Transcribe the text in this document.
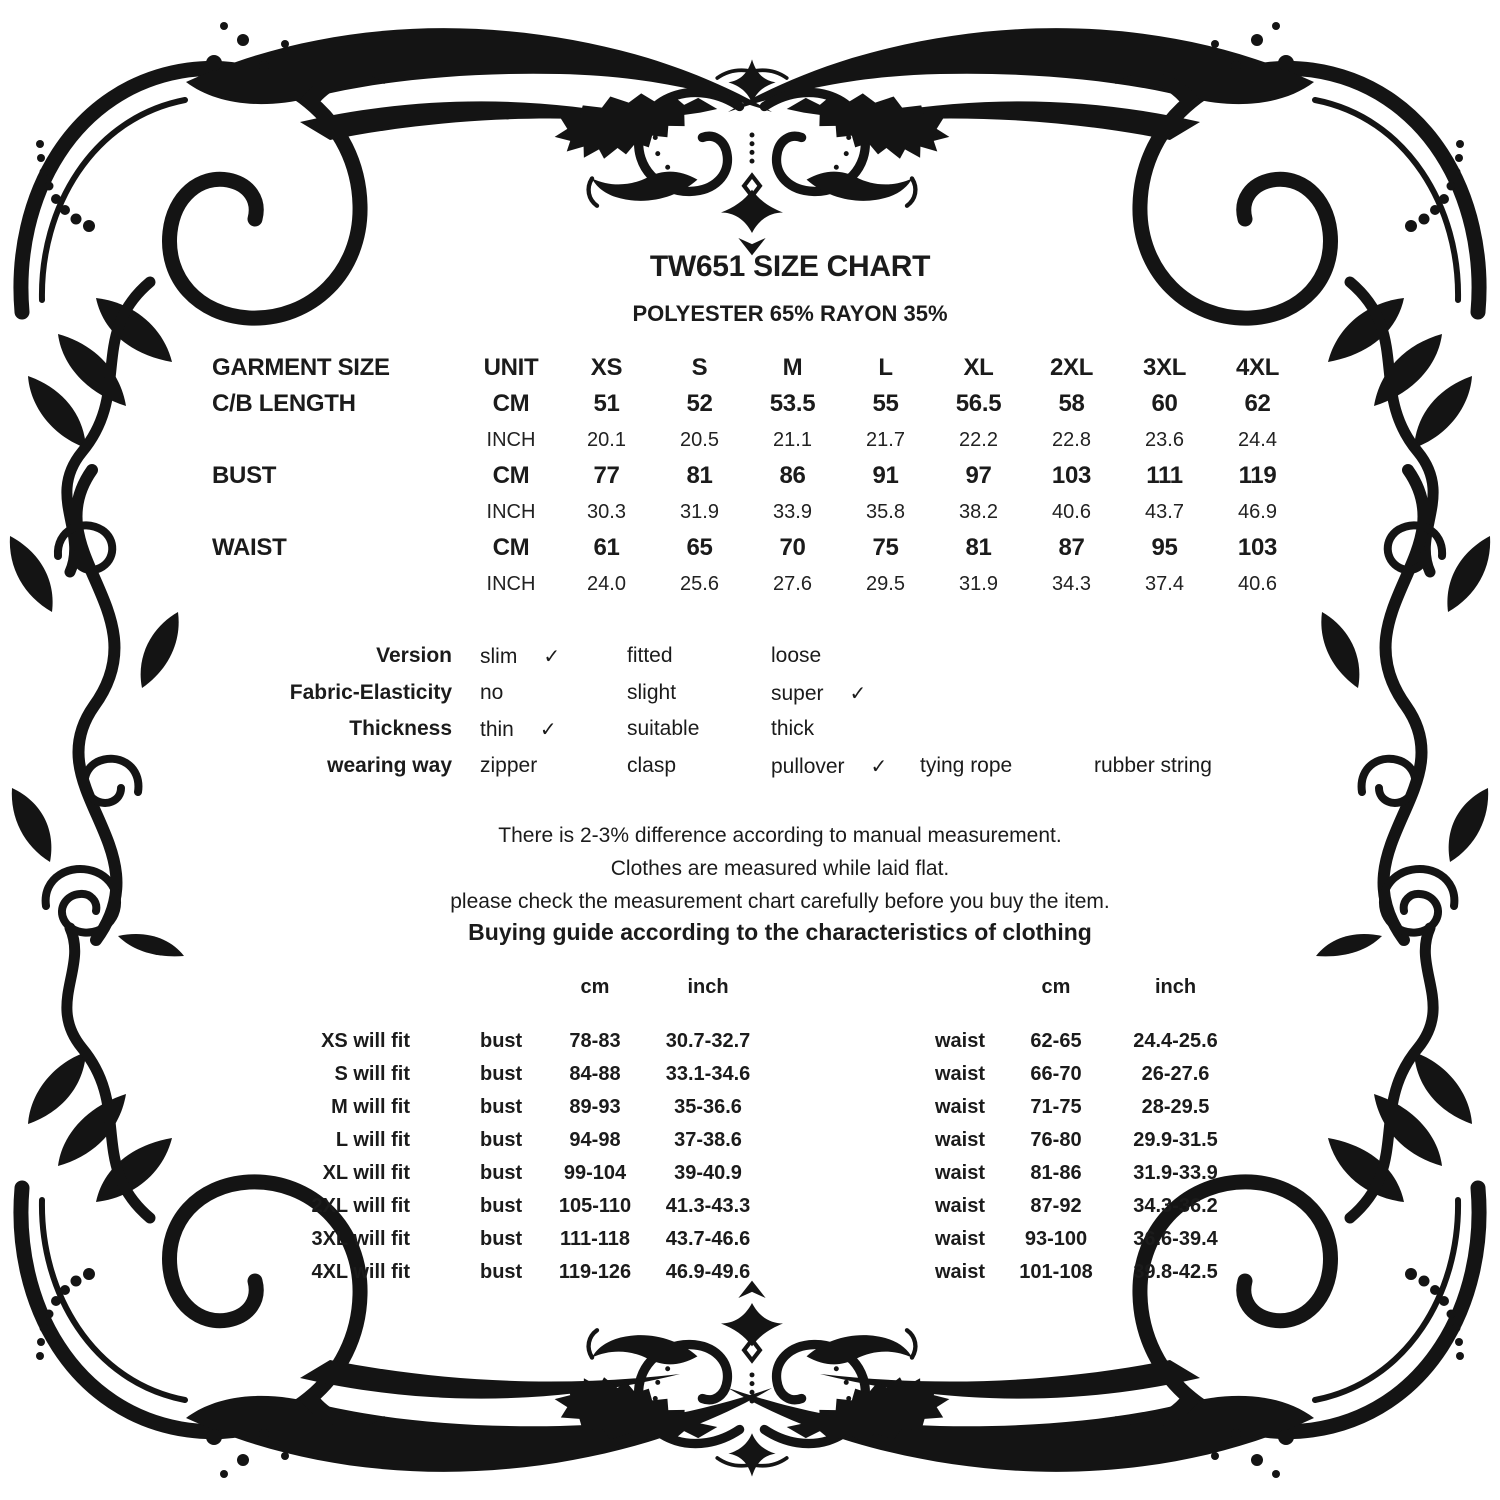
TW651 SIZE CHART
POLYESTER 65% RAYON 35%
GARMENT SIZE	UNIT	XS	S	M	L	XL	2XL	3XL	4XL
C/B LENGTH	CM	51	52	53.5	55	56.5	58	60	62
INCH	20.1	20.5	21.1	21.7	22.2	22.8	23.6	24.4
BUST	CM	77	81	86	91	97	103	111	119
INCH	30.3	31.9	33.9	35.8	38.2	40.6	43.7	46.9
WAIST	CM	61	65	70	75	81	87	95	103
INCH	24.0	25.6	27.6	29.5	31.9	34.3	37.4	40.6
Version slim ✓	fitted	loose
Fabric-Elasticity no	slight	super ✓
Thickness thin ✓	suitable	thick
wearing way zipper	clasp	pullover ✓ tying rope	rubber string
There is 2-3% difference according to manual measurement.
Clothes are measured while laid flat.
please check the measurement chart carefully before you buy the item.
Buying guide according to the characteristics of clothing
cm	inch	cm	inch
XS will fit	bust	78-83	30.7-32.7	waist	62-65	24.4-25.6
S will fit	bust	84-88	33.1-34.6	waist	66-70	26-27.6
M will fit	bust	89-93	35-36.6	waist	71-75	28-29.5
L will fit	bust	94-98	37-38.6	waist	76-80	29.9-31.5
XL will fit	bust	99-104	39-40.9	waist	81-86	31.9-33.9
2XL will fit	bust	105-110	41.3-43.3	waist	87-92	34.3-36.2
3XL will fit	bust	111-118	43.7-46.6	waist	93-100	36.6-39.4
4XL will fit	bust	119-126	46.9-49.6	waist	101-108	39.8-42.5
